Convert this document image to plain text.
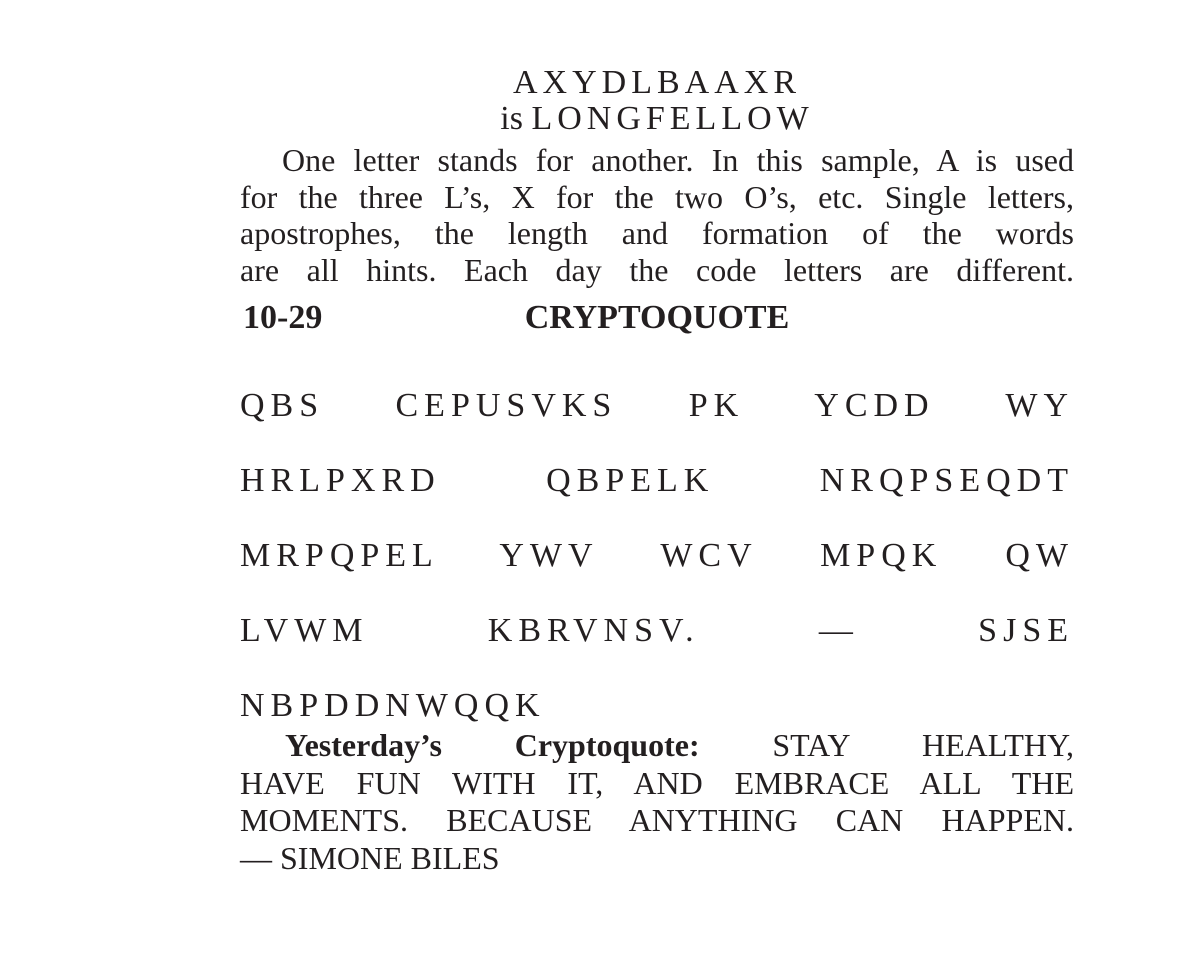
AXYDLBAAXR
is LONGFELLOW
One letter stands for another. In this sample, A is used
for the three L’s, X for the two O’s, etc. Single letters,
apostrophes, the length and formation of the words
are all hints. Each day the code letters are different.
CRYPTOQUOTE
10-29
QBS CEPUSVKS PK YCDD WY
HRLPXRD QBPELK NRQPSEQDT
MRPQPEL YWV WCV MPQK QW
LVWM KBRVNSV. — SJSE
NBPDDNWQQK
Yesterday’s Cryptoquote: STAY HEALTHY,
HAVE FUN WITH IT, AND EMBRACE ALL THE
MOMENTS. BECAUSE ANYTHING CAN HAPPEN.
— SIMONE BILES
